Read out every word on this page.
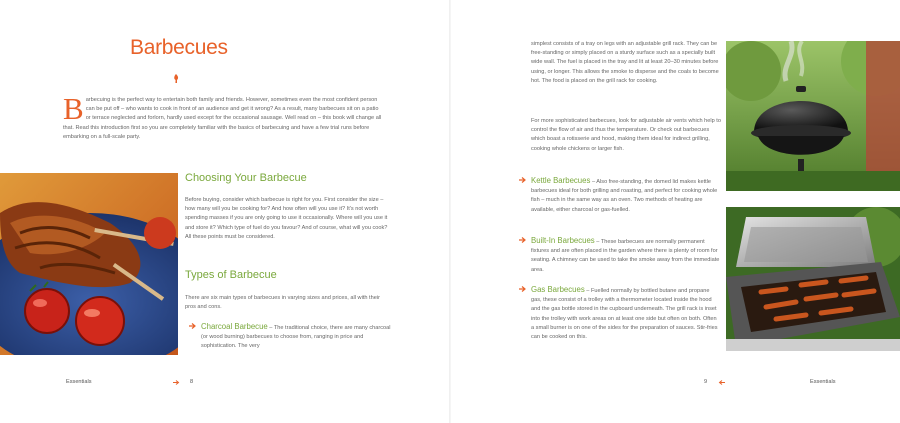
Barbecues
Barbecuing is the perfect way to entertain both family and friends. However, sometimes even the most confident person can be put off – who wants to cook in front of an audience and get it wrong? As a result, many barbecues sit on a patio or terrace neglected and forlorn, hardly used except for the occasional sausage. Well read on – this book will change all that. Read this introduction first so you are completely familiar with the basics of barbecuing and have a few trial runs before embarking on a full-scale party.
Choosing Your Barbecue
Before buying, consider which barbecue is right for you. First consider the size – how many will you be cooking for? And how often will you use it? It's not worth spending masses if you are only going to use it occasionally. Where will you use it and store it? Which type of fuel do you favour? And of course, what will you cook? All these points must be considered.
Types of Barbecue
There are six main types of barbecues in varying sizes and prices, all with their pros and cons.
Charcoal Barbecue – The traditional choice, there are many charcoal (or wood burning) barbecues to choose from, ranging in price and sophistication. The very
Essentials	8
simplest consists of a tray on legs with an adjustable grill rack. They can be free-standing or simply placed on a sturdy surface such as a specially built wide wall. The fuel is placed in the tray and lit at least 20–30 minutes before using, or longer. This allows the smoke to disperse and the coals to become hot. The food is placed on the grill rack for cooking.
For more sophisticated barbecues, look for adjustable air vents which help to control the flow of air and thus the temperature. Or check out barbecues which boast a rotisserie and hood, making them ideal for indirect grilling, cooking whole chickens or larger fish.
Kettle Barbecues – Also free-standing, the domed lid makes kettle barbecues ideal for both grilling and roasting, and perfect for cooking whole fish – much in the same way as an oven. Two methods of heating are available, either charcoal or gas-fuelled.
Built-In Barbecues – These barbecues are normally permanent fixtures and are often placed in the garden where there is plenty of room for seating. A chimney can be used to take the smoke away from the immediate area.
Gas Barbecues – Fuelled normally by bottled butane and propane gas, these consist of a trolley with a thermometer located inside the hood and the gas bottle stored in the cupboard underneath. The grill rack is inset into the trolley with work areas on at least one side but often on both. Often a small burner is on one of the sides for the preparation of sauces. Stir-fries can be cooked on this.
9	Essentials
